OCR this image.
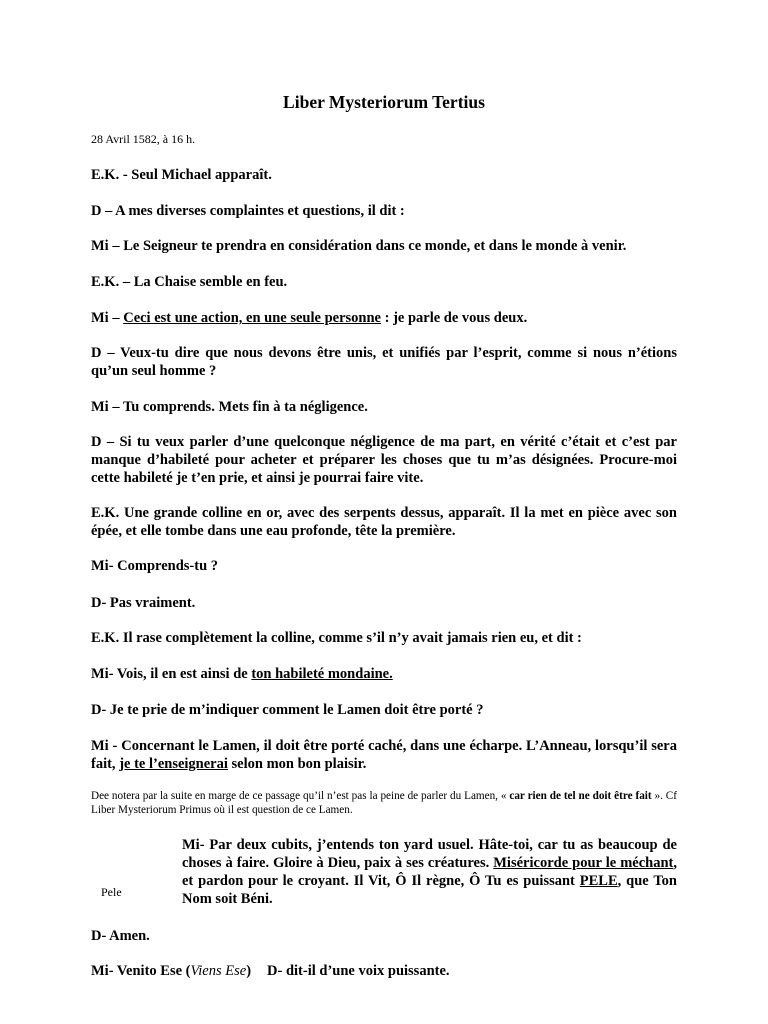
Liber Mysteriorum Tertius
28 Avril 1582, à 16 h.
E.K. - Seul Michael apparaît.
D – A mes diverses complaintes et questions, il dit :
Mi – Le Seigneur te prendra en considération dans ce monde, et dans le monde à venir.
E.K. – La Chaise semble en feu.
Mi – Ceci est une action, en une seule personne : je parle de vous deux.
D – Veux-tu dire que nous devons être unis, et unifiés par l’esprit, comme si nous n’étions qu’un seul homme ?
Mi – Tu comprends. Mets fin à ta négligence.
D – Si tu veux parler d’une quelconque négligence de ma part, en vérité c’était et c’est par manque d’habileté pour acheter et préparer les choses que tu m’as désignées. Procure-moi cette habileté je t’en prie, et ainsi je pourrai faire vite.
E.K. Une grande colline en or, avec des serpents dessus, apparaît. Il la met en pièce avec son épée, et elle tombe dans une eau profonde, tête la première.
Mi- Comprends-tu ?
D- Pas vraiment.
E.K. Il rase complètement la colline, comme s’il n’y avait jamais rien eu, et dit :
Mi- Vois, il en est ainsi de ton habileté mondaine.
D- Je te prie de m’indiquer comment le Lamen doit être porté ?
Mi - Concernant le Lamen, il doit être porté caché, dans une écharpe. L’Anneau, lorsqu’il sera fait, je te l’enseignerai selon mon bon plaisir.
Dee notera par la suite en marge de ce passage qu’il n’est pas la peine de parler du Lamen, « car rien de tel ne doit être fait ». Cf Liber Mysteriorum Primus où il est question de ce Lamen.
Pele
Mi- Par deux cubits, j’entends ton yard usuel. Hâte-toi, car tu as beaucoup de choses à faire. Gloire à Dieu, paix à ses créatures. Miséricorde pour le méchant, et pardon pour le croyant. Il Vit, Ô Il règne, Ô Tu es puissant PELE, que Ton Nom soit Béni.
D- Amen.
Mi- Venito Ese (Viens Ese) D- dit-il d’une voix puissante.
